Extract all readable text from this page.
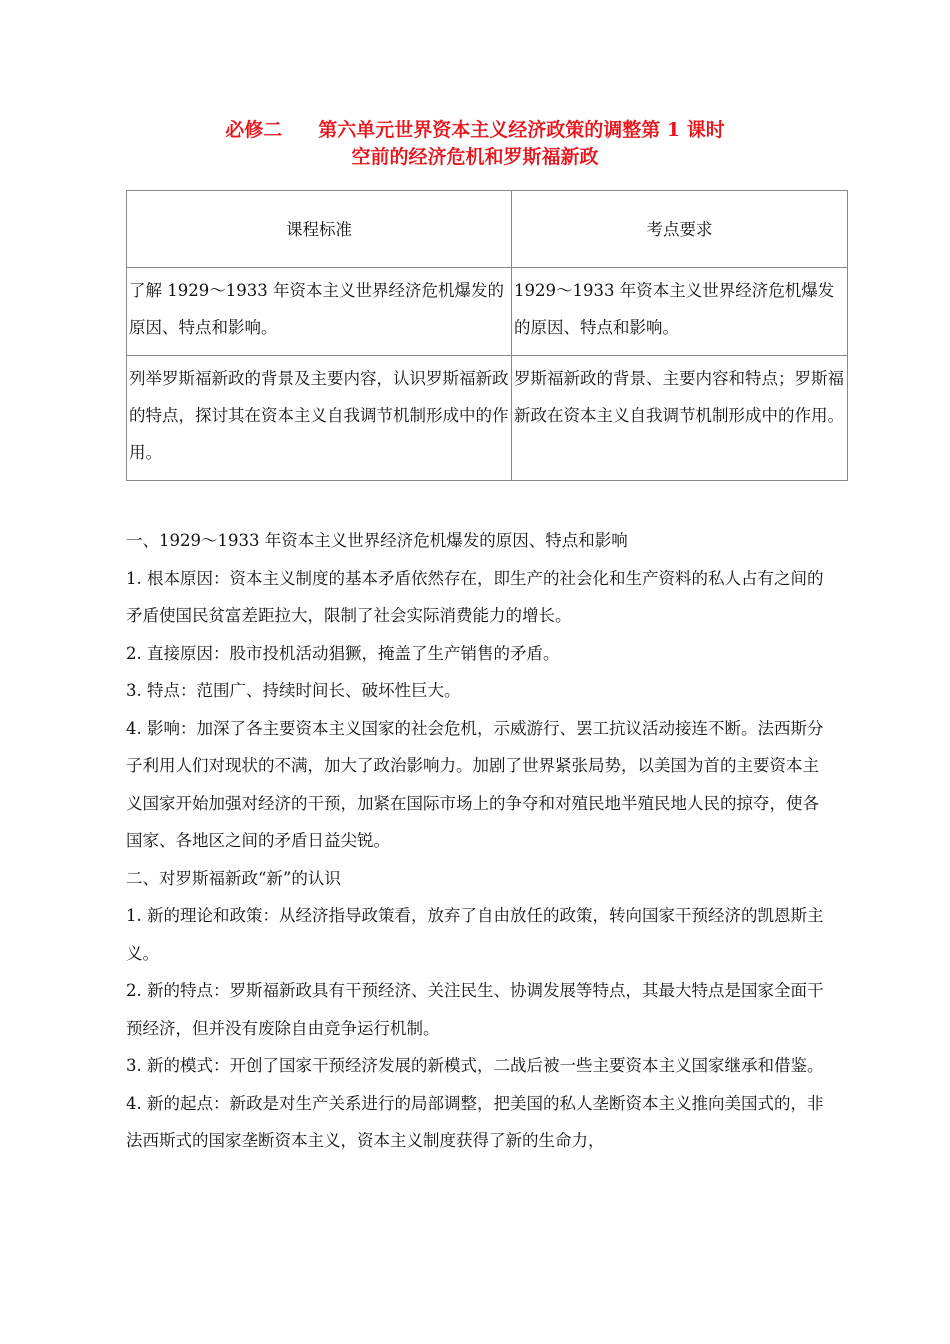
必修二 第六单元世界资本主义经济政策的调整第 1 课时
空前的经济危机和罗斯福新政
课程标准	考点要求

了解 1929～1933 年资本主义世界经济危机爆发的原因、特点和影响。	1929～1933 年资本主义世界经济危机爆发的原因、特点和影响。

列举罗斯福新政的背景及主要内容，认识罗斯福新政的特点，探讨其在资本主义自我调节机制形成中的作用。	罗斯福新政的背景、主要内容和特点；罗斯福新政在资本主义自我调节机制形成中的作用。

一、1929～1933 年资本主义世界经济危机爆发的原因、特点和影响

1. 根本原因：资本主义制度的基本矛盾依然存在，即生产的社会化和生产资料的私人占有之间的矛盾使国民贫富差距拉大，限制了社会实际消费能力的增长。

2. 直接原因：股市投机活动猖獗，掩盖了生产销售的矛盾。

3. 特点：范围广、持续时间长、破坏性巨大。

4. 影响：加深了各主要资本主义国家的社会危机，示威游行、罢工抗议活动接连不断。法西斯分子利用人们对现状的不满，加大了政治影响力。加剧了世界紧张局势，以美国为首的主要资本主义国家开始加强对经济的干预，加紧在国际市场上的争夺和对殖民地半殖民地人民的掠夺，使各国家、各地区之间的矛盾日益尖锐。

二、对罗斯福新政“新”的认识

1. 新的理论和政策：从经济指导政策看，放弃了自由放任的政策，转向国家干预经济的凯恩斯主义。

2. 新的特点：罗斯福新政具有干预经济、关注民生、协调发展等特点，其最大特点是国家全面干预经济，但并没有废除自由竞争运行机制。

3. 新的模式：开创了国家干预经济发展的新模式，二战后被一些主要资本主义国家继承和借鉴。

4. 新的起点：新政是对生产关系进行的局部调整，把美国的私人垄断资本主义推向美国式的，非法西斯式的国家垄断资本主义，资本主义制度获得了新的生命力，
